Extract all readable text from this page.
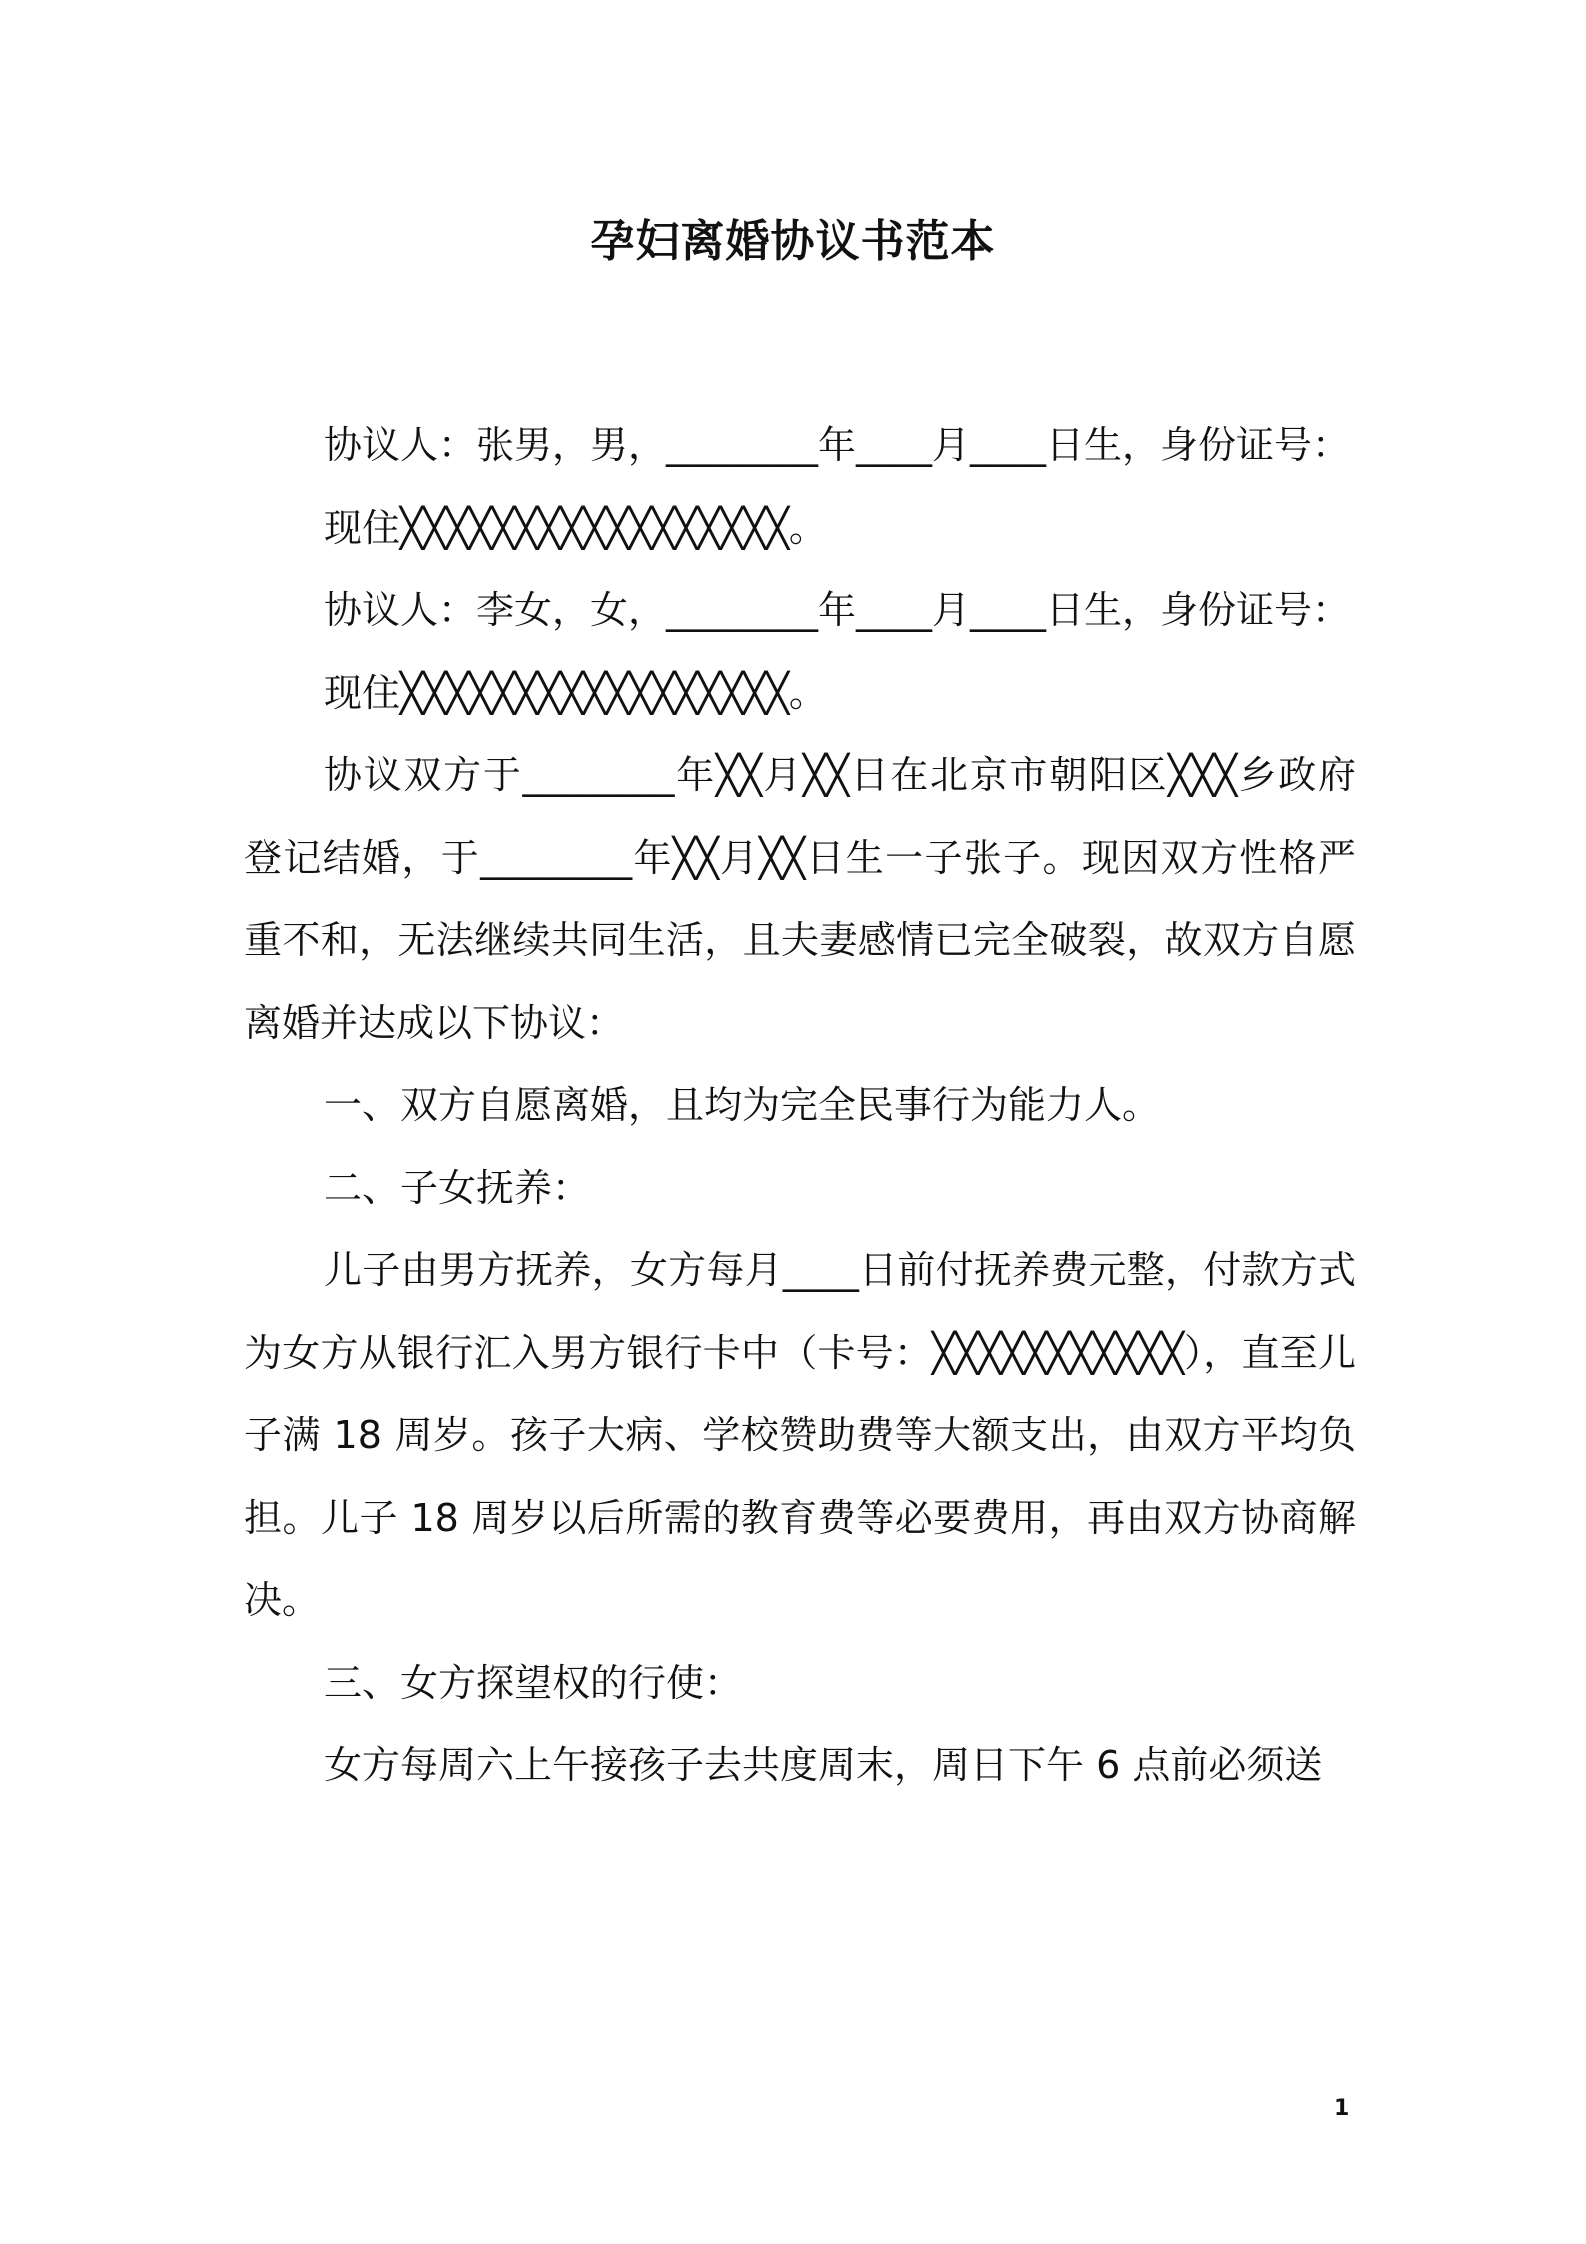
孕妇离婚协议书范本

协议人：张男，男，________年____月____日生，身份证号：

现住╳╳╳╳╳╳╳╳╳╳╳╳╳╳╳╳╳。

协议人：李女，女，________年____月____日生，身份证号：

现住╳╳╳╳╳╳╳╳╳╳╳╳╳╳╳╳╳。

协议双方于________年╳╳月╳╳日在北京市朝阳区╳╳╳乡政府登记结婚，于________年╳╳月╳╳日生一子张子。现因双方性格严重不和，无法继续共同生活，且夫妻感情已完全破裂，故双方自愿离婚并达成以下协议：

一、双方自愿离婚，且均为完全民事行为能力人。

二、子女抚养：

儿子由男方抚养，女方每月____日前付抚养费元整，付款方式为女方从银行汇入男方银行卡中（卡号：╳╳╳╳╳╳╳╳╳╳╳），直至儿子满 18 周岁。孩子大病、学校赞助费等大额支出，由双方平均负担。儿子 18 周岁以后所需的教育费等必要费用，再由双方协商解决。

三、女方探望权的行使：

女方每周六上午接孩子去共度周末，周日下午 6 点前必须送

1
